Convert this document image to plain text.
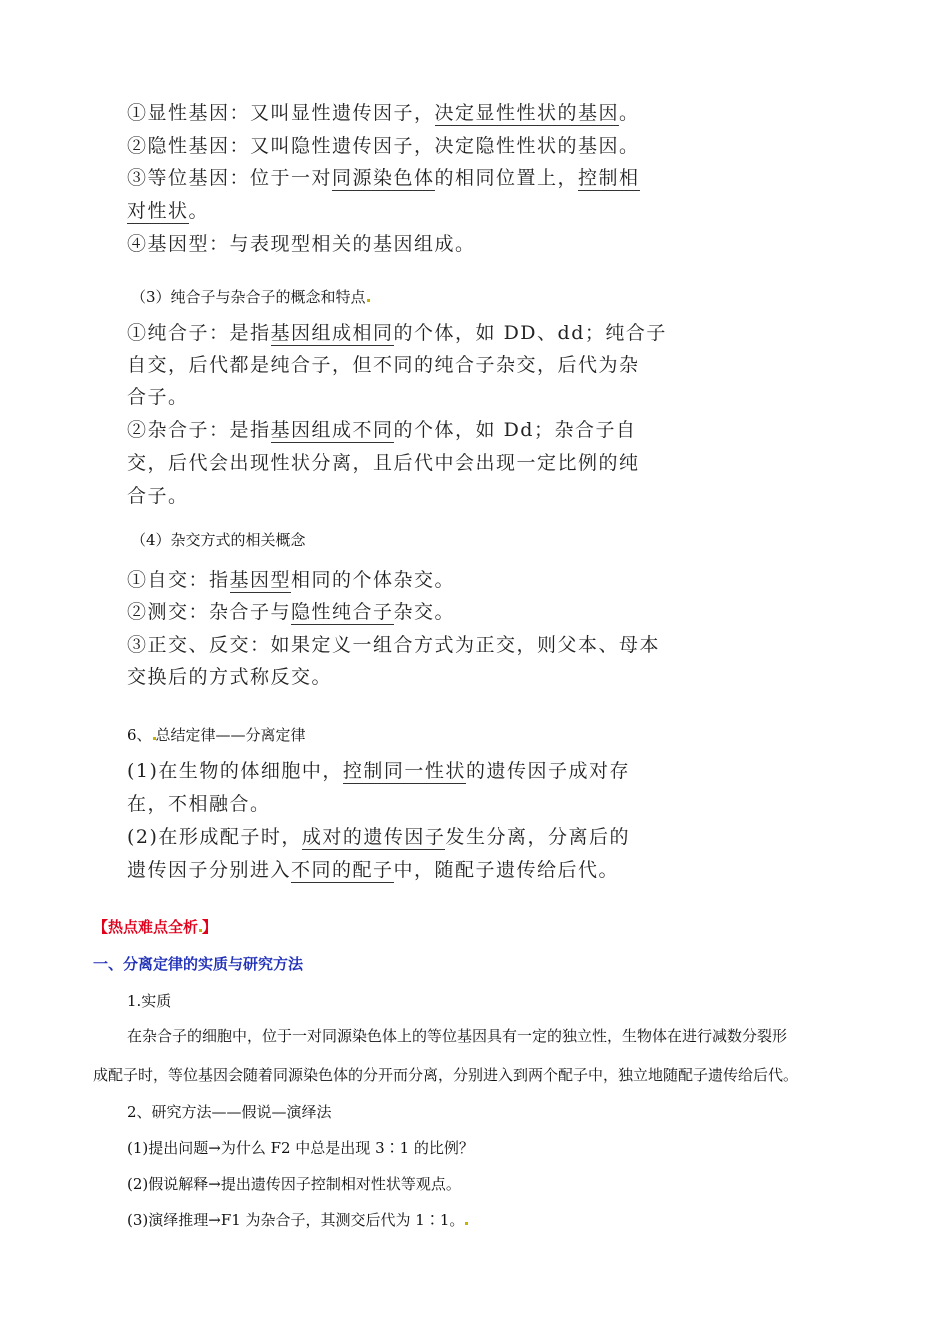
①显性基因：又叫显性遗传因子，决定显性性状的基因。
②隐性基因：又叫隐性遗传因子，决定隐性性状的基因。
③等位基因：位于一对同源染色体的相同位置上，控制相
对性状。
④基因型：与表现型相关的基因组成。
（3）纯合子与杂合子的概念和特点
①纯合子：是指基因组成相同的个体，如 DD、dd；纯合子
自交，后代都是纯合子，但不同的纯合子杂交，后代为杂
合子。
②杂合子：是指基因组成不同的个体，如 Dd；杂合子自
交，后代会出现性状分离，且后代中会出现一定比例的纯
合子。
（4）杂交方式的相关概念
①自交：指基因型相同的个体杂交。
②测交：杂合子与隐性纯合子杂交。
③正交、反交：如果定义一组合方式为正交，则父本、母本
交换后的方式称反交。
6、 总结定律——分离定律
(1)在生物的体细胞中，控制同一性状的遗传因子成对存
在，不相融合。
(2)在形成配子时，成对的遗传因子发生分离，分离后的
遗传因子分别进入不同的配子中，随配子遗传给后代。
【热点难点全析 】
一、分离定律的实质与研究方法
1.实质
在杂合子的细胞中，位于一对同源染色体上的等位基因具有一定的独立性，生物体在进行减数分裂形
成配子时，等位基因会随着同源染色体的分开而分离，分别进入到两个配子中，独立地随配子遗传给后代。
2、研究方法——假说—演绎法
(1)提出问题→为什么 F2 中总是出现 3∶1 的比例？
(2)假说解释→提出遗传因子控制相对性状等观点。
(3)演绎推理→F1 为杂合子，其测交后代为 1∶1。
